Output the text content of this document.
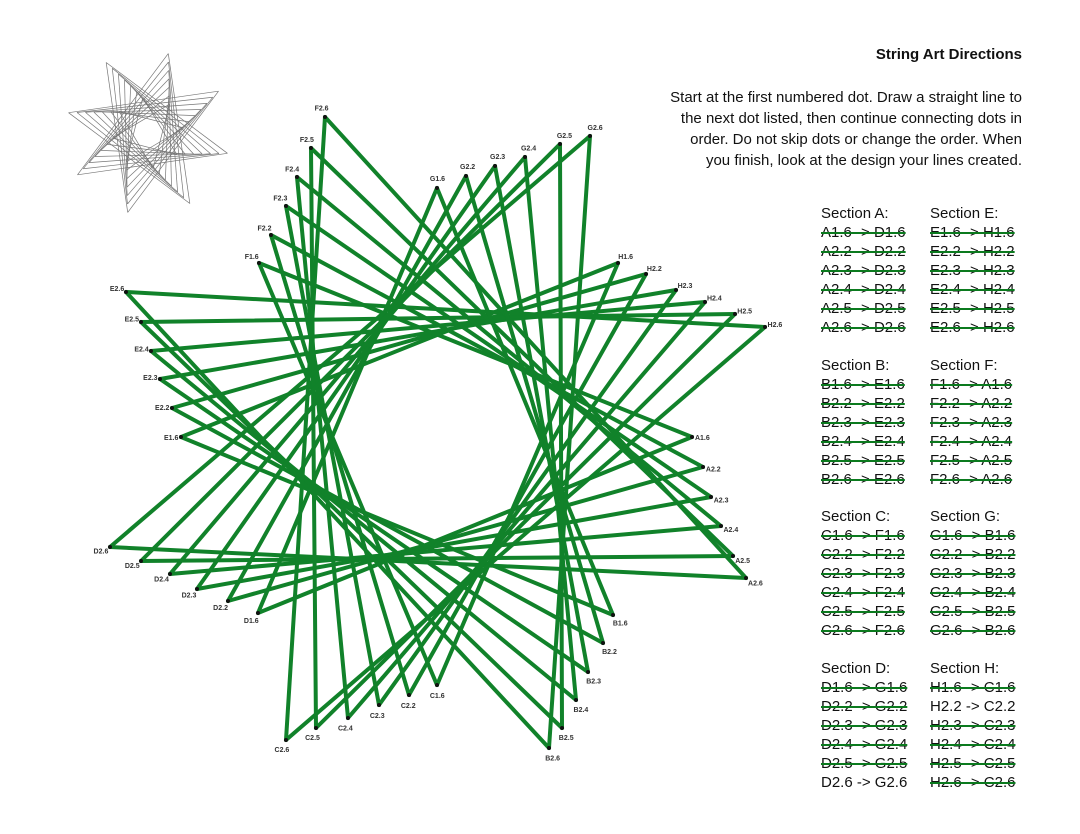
A1.6
A2.2
A2.3
A2.4
A2.5
A2.6
B1.6
B2.2
B2.3
B2.4
B2.5
B2.6
C1.6
C2.2
C2.3
C2.4
C2.5
C2.6
D1.6
D2.2
D2.3
D2.4
D2.5
D2.6
E1.6
E2.2
E2.3
E2.4
E2.5
E2.6
F1.6
F2.2
F2.3
F2.4
F2.5
F2.6
G1.6
G2.2
G2.3
G2.4
G2.5
G2.6
H1.6
H2.2
H2.3
H2.4
H2.5
H2.6
String Art Directions
Start at the first numbered dot. Draw a straight line to the next dot listed, then continue connecting dots in order. Do not skip dots or change the order. When you finish, look at the design your lines created.
Section A:
A1.6 -> D1.6
A2.2 -> D2.2
A2.3 -> D2.3
A2.4 -> D2.4
A2.5 -> D2.5
A2.6 -> D2.6
Section E:
E1.6 -> H1.6
E2.2 -> H2.2
E2.3 -> H2.3
E2.4 -> H2.4
E2.5 -> H2.5
E2.6 -> H2.6
Section B:
B1.6 -> E1.6
B2.2 -> E2.2
B2.3 -> E2.3
B2.4 -> E2.4
B2.5 -> E2.5
B2.6 -> E2.6
Section F:
F1.6 -> A1.6
F2.2 -> A2.2
F2.3 -> A2.3
F2.4 -> A2.4
F2.5 -> A2.5
F2.6 -> A2.6
Section C:
C1.6 -> F1.6
C2.2 -> F2.2
C2.3 -> F2.3
C2.4 -> F2.4
C2.5 -> F2.5
C2.6 -> F2.6
Section G:
G1.6 -> B1.6
G2.2 -> B2.2
G2.3 -> B2.3
G2.4 -> B2.4
G2.5 -> B2.5
G2.6 -> B2.6
Section D:
D1.6 -> G1.6
D2.2 -> G2.2
D2.3 -> G2.3
D2.4 -> G2.4
D2.5 -> G2.5
D2.6 -> G2.6
Section H:
H1.6 -> C1.6
H2.2 -> C2.2
H2.3 -> C2.3
H2.4 -> C2.4
H2.5 -> C2.5
H2.6 -> C2.6
